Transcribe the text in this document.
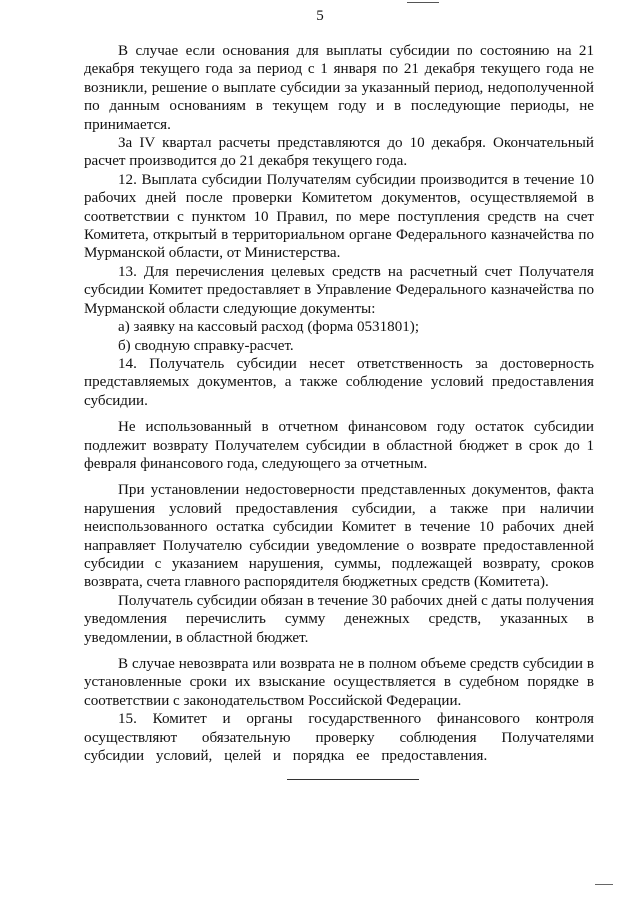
5

В случае если основания для выплаты субсидии по состоянию на 21 декабря текущего года за период с 1 января по 21 декабря текущего года не возникли, решение о выплате субсидии за указанный период, недополученной по данным основаниям в текущем году и в последующие периоды, не принимается.

За IV квартал расчеты представляются до 10 декабря. Окончательный расчет производится до 21 декабря текущего года.

12. Выплата субсидии Получателям субсидии производится в течение 10 рабочих дней после проверки Комитетом документов, осуществляемой в соответствии с пунктом 10 Правил, по мере поступления средств на счет Комитета, открытый в территориальном органе Федерального казначейства по Мурманской области, от Министерства.

13. Для перечисления целевых средств на расчетный счет Получателя субсидии Комитет предоставляет в Управление Федерального казначейства по Мурманской области следующие документы:

а) заявку на кассовый расход (форма 0531801);

б) сводную справку-расчет.

14. Получатель субсидии несет ответственность за достоверность представляемых документов, а также соблюдение условий предоставления субсидии.

Не использованный в отчетном финансовом году остаток субсидии подлежит возврату Получателем субсидии в областной бюджет в срок до 1 февраля финансового года, следующего за отчетным.

При установлении недостоверности представленных документов, факта нарушения условий предоставления субсидии, а также при наличии неиспользованного остатка субсидии Комитет в течение 10 рабочих дней направляет Получателю субсидии уведомление о возврате предоставленной субсидии с указанием нарушения, суммы, подлежащей возврату, сроков возврата, счета главного распорядителя бюджетных средств (Комитета).

Получатель субсидии обязан в течение 30 рабочих дней с даты получения уведомления перечислить сумму денежных средств, указанных в уведомлении, в областной бюджет.

В случае невозврата или возврата не в полном объеме средств субсидии в установленные сроки их взыскание осуществляется в судебном порядке в соответствии с законодательством Российской Федерации.

15. Комитет и органы государственного финансового контроля осуществляют обязательную проверку соблюдения Получателями субсидии условий, целей и порядка ее предоставления.
